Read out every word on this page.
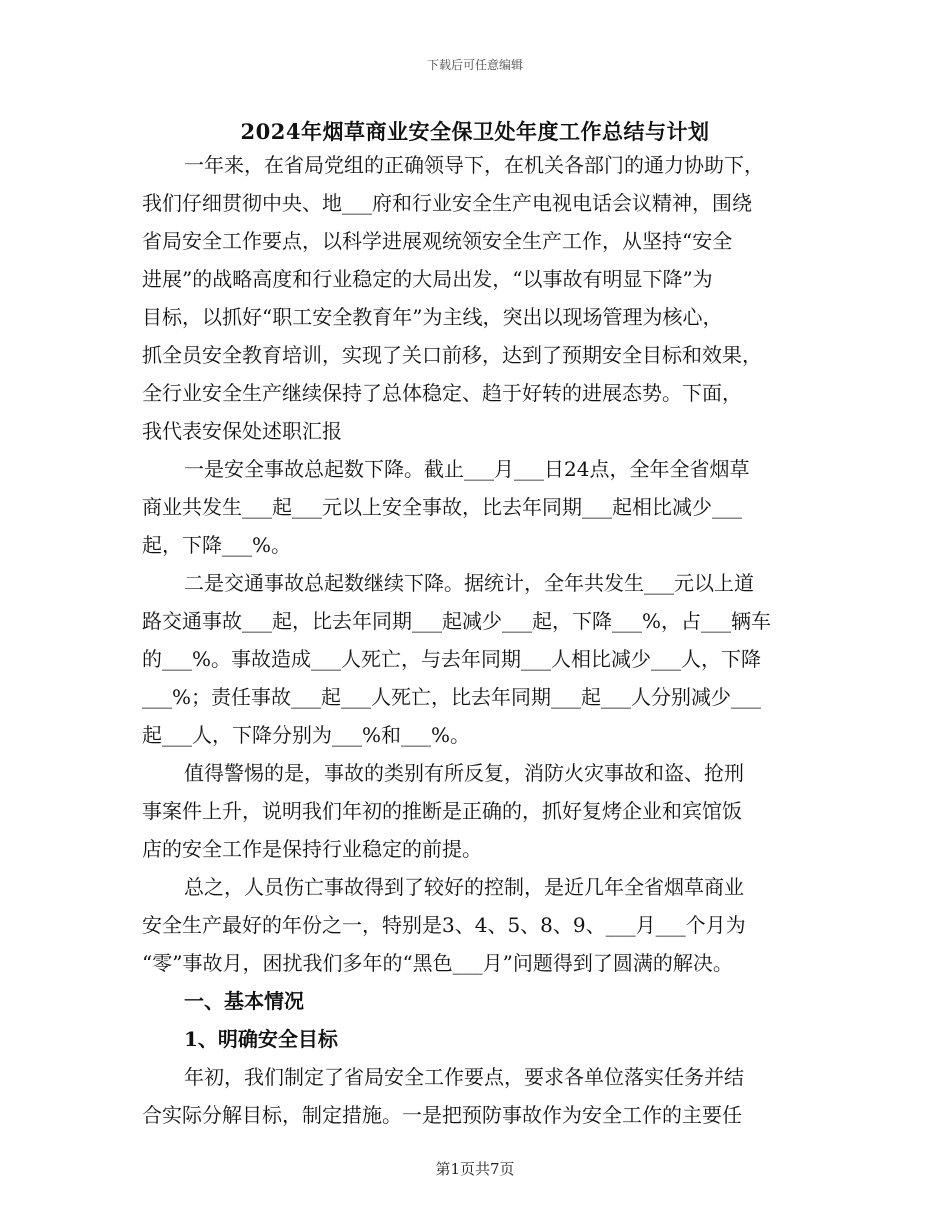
下载后可任意编辑
2024年烟草商业安全保卫处年度工作总结与计划
一年来，在省局党组的正确领导下，在机关各部门的通力协助下，
我们仔细贯彻中央、地___府和行业安全生产电视电话会议精神，围绕
省局安全工作要点，以科学进展观统领安全生产工作，从坚持“安全
进展”的战略高度和行业稳定的大局出发，“以事故有明显下降”为
目标，以抓好“职工安全教育年”为主线，突出以现场管理为核心，
抓全员安全教育培训，实现了关口前移，达到了预期安全目标和效果，
全行业安全生产继续保持了总体稳定、趋于好转的进展态势。下面，
我代表安保处述职汇报
一是安全事故总起数下降。截止___月___日24点，全年全省烟草
商业共发生___起___元以上安全事故，比去年同期___起相比减少___
起，下降___%。
二是交通事故总起数继续下降。据统计，全年共发生___元以上道
路交通事故___起，比去年同期___起减少___起，下降___%，占___辆车
的___%。事故造成___人死亡，与去年同期___人相比减少___人，下降
___%；责任事故___起___人死亡，比去年同期___起___人分别减少___
起___人，下降分别为___%和___%。
值得警惕的是，事故的类别有所反复，消防火灾事故和盗、抢刑
事案件上升，说明我们年初的推断是正确的，抓好复烤企业和宾馆饭
店的安全工作是保持行业稳定的前提。
总之，人员伤亡事故得到了较好的控制，是近几年全省烟草商业
安全生产最好的年份之一，特别是3、4、5、8、9、___月___个月为
“零”事故月，困扰我们多年的“黑色___月”问题得到了圆满的解决。
一、基本情况
1、明确安全目标
年初，我们制定了省局安全工作要点，要求各单位落实任务并结
合实际分解目标，制定措施。一是把预防事故作为安全工作的主要任
第1页共7页
